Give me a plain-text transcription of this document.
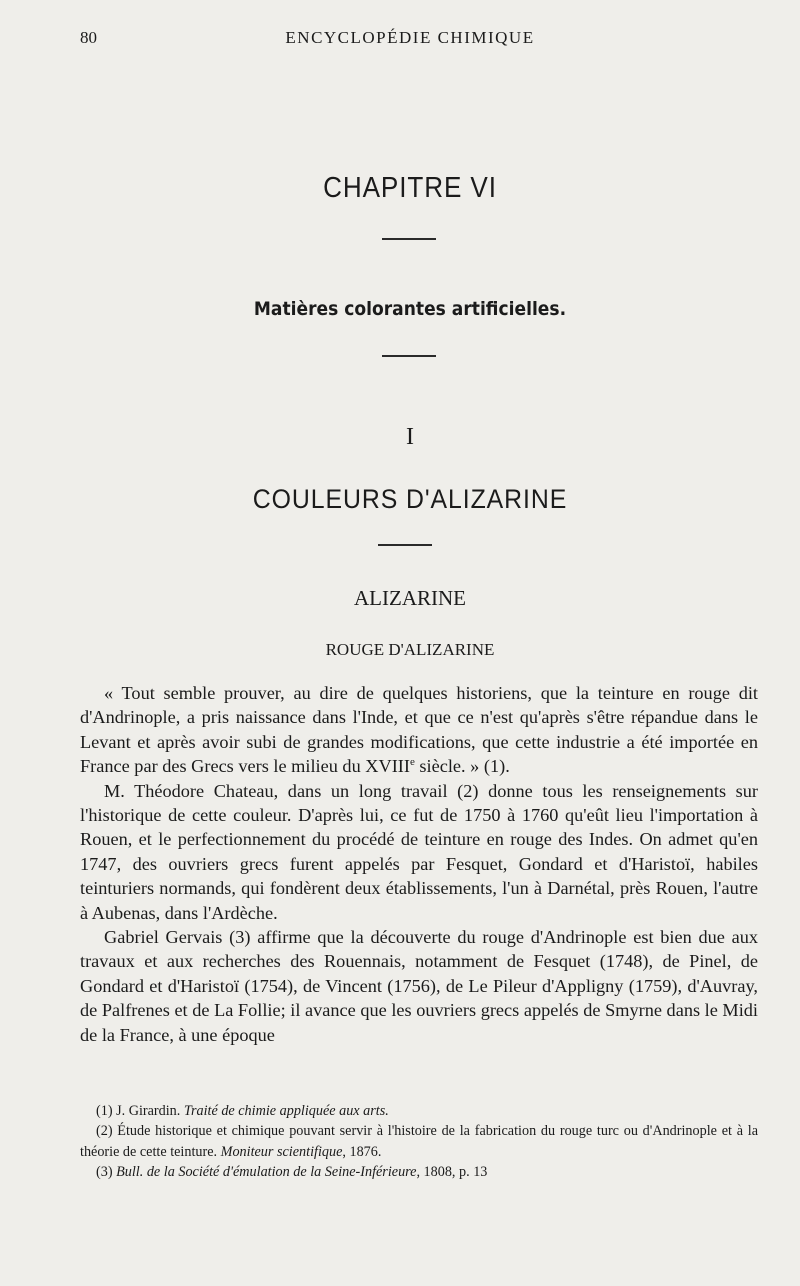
80	ENCYCLOPÉDIE CHIMIQUE
CHAPITRE VI
Matières colorantes artificielles.
I
COULEURS D'ALIZARINE
ALIZARINE
ROUGE D'ALIZARINE

« Tout semble prouver, au dire de quelques historiens, que la teinture en rouge dit d'Andrinople, a pris naissance dans l'Inde, et que ce n'est qu'après s'être répandue dans le Levant et après avoir subi de grandes modifications, que cette industrie a été importée en France par des Grecs vers le milieu du XVIIIe siècle. » (1).

M. Théodore Chateau, dans un long travail (2) donne tous les renseignements sur l'historique de cette couleur. D'après lui, ce fut de 1750 à 1760 qu'eût lieu l'importation à Rouen, et le perfectionnement du procédé de teinture en rouge des Indes. On admet qu'en 1747, des ouvriers grecs furent appelés par Fesquet, Gondard et d'Haristoï, habiles teinturiers normands, qui fondèrent deux établissements, l'un à Darnétal, près Rouen, l'autre à Aubenas, dans l'Ardèche.

Gabriel Gervais (3) affirme que la découverte du rouge d'Andrinople est bien due aux travaux et aux recherches des Rouennais, notamment de Fesquet (1748), de Pinel, de Gondard et d'Haristoï (1754), de Vincent (1756), de Le Pileur d'Appligny (1759), d'Auvray, de Palfrenes et de La Follie; il avance que les ouvriers grecs appelés de Smyrne dans le Midi de la France, à une époque

(1) J. Girardin. Traité de chimie appliquée aux arts.

(2) Étude historique et chimique pouvant servir à l'histoire de la fabrication du rouge turc ou d'Andrinople et à la théorie de cette teinture. Moniteur scientifique, 1876.

(3) Bull. de la Société d'émulation de la Seine-Inférieure, 1808, p. 13
